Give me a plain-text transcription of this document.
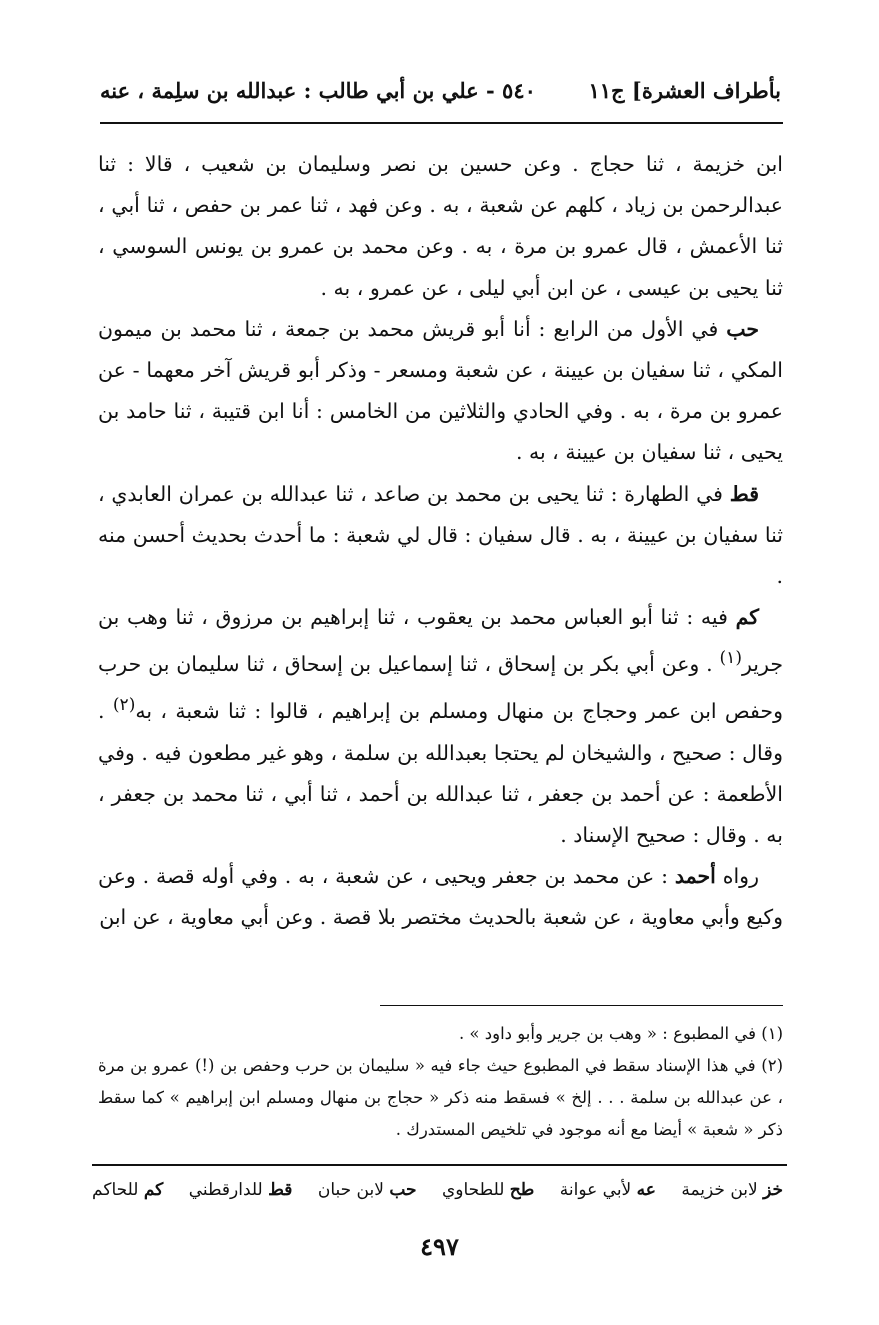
بأطراف العشرة] ج١١
٥٤٠ - علي بن أبي طالب : عبدالله بن سلِمة ، عنه

ابن خزيمة ، ثنا حجاج . وعن حسين بن نصر وسليمان بن شعيب ، قالا : ثنا عبدالرحمن بن زياد ، كلهم عن شعبة ، به . وعن فهد ، ثنا عمر بن حفص ، ثنا أبي ، ثنا الأعمش ، قال عمرو بن مرة ، به . وعن محمد بن عمرو بن يونس السوسي ، ثنا يحيى بن عيسى ، عن ابن أبي ليلى ، عن عمرو ، به .

حب في الأول من الرابع : أنا أبو قريش محمد بن جمعة ، ثنا محمد بن ميمون المكي ، ثنا سفيان بن عيينة ، عن شعبة ومسعر - وذكر أبو قريش آخر معهما - عن عمرو بن مرة ، به . وفي الحادي والثلاثين من الخامس : أنا ابن قتيبة ، ثنا حامد بن يحيى ، ثنا سفيان بن عيينة ، به .

قط في الطهارة : ثنا يحيى بن محمد بن صاعد ، ثنا عبدالله بن عمران العابدي ، ثنا سفيان بن عيينة ، به . قال سفيان : قال لي شعبة : ما أحدث بحديث أحسن منه .

كم فيه : ثنا أبو العباس محمد بن يعقوب ، ثنا إبراهيم بن مرزوق ، ثنا وهب بن جرير$^{(١)}$ . وعن أبي بكر بن إسحاق ، ثنا إسماعيل بن إسحاق ، ثنا سليمان بن حرب وحفص ابن عمر وحجاج بن منهال ومسلم بن إبراهيم ، قالوا : ثنا شعبة ، به$^{(٢)}$ . وقال : صحيح ، والشيخان لم يحتجا بعبدالله بن سلمة ، وهو غير مطعون فيه . وفي الأطعمة : عن أحمد بن جعفر ، ثنا عبدالله بن أحمد ، ثنا أبي ، ثنا محمد بن جعفر ، به . وقال : صحيح الإسناد .

رواه أحمد : عن محمد بن جعفر ويحيى ، عن شعبة ، به . وفي أوله قصة . وعن وكيع وأبي معاوية ، عن شعبة بالحديث مختصر بلا قصة . وعن أبي معاوية ، عن ابن

(١) في المطبوع : « وهب بن جرير وأبو داود » .

(٢) في هذا الإسناد سقط في المطبوع حيث جاء فيه « سليمان بن حرب وحفص بن (!) عمرو بن مرة ، عن عبدالله بن سلمة . . . إلخ » فسقط منه ذكر « حجاج بن منهال ومسلم ابن إبراهيم » كما سقط ذكر « شعبة » أيضا مع أنه موجود في تلخيص المستدرك .

خز لابن خزيمة
عه لأبي عوانة
طح للطحاوي
حب لابن حبان
قط للدارقطني
كم للحاكم
٤٩٧
